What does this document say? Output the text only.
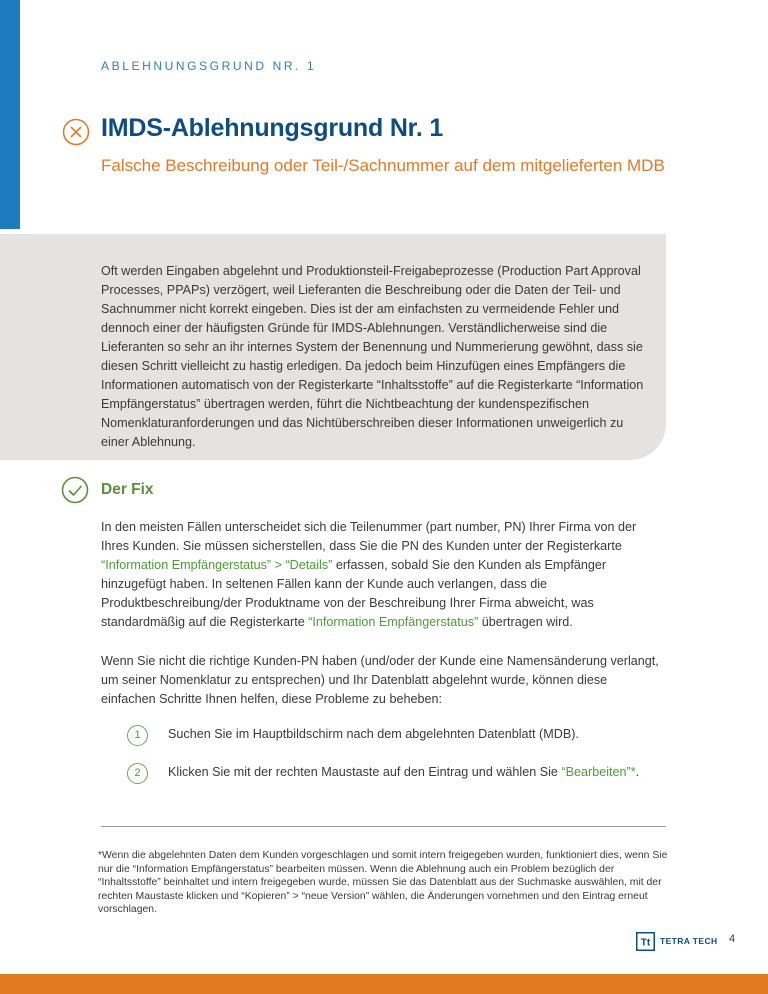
ABLEHNUNGSGRUND NR. 1
IMDS-Ablehnungsgrund Nr. 1

Falsche Beschreibung oder Teil-/Sachnummer auf dem mitgelieferten MDB

Oft werden Eingaben abgelehnt und Produktionsteil-Freigabeprozesse (Production Part Approval Processes, PPAPs) verzögert, weil Lieferanten die Beschreibung oder die Daten der Teil- und Sachnummer nicht korrekt eingeben. Dies ist der am einfachsten zu vermeidende Fehler und dennoch einer der häufigsten Gründe für IMDS-Ablehnungen. Verständlicherweise sind die Lieferanten so sehr an ihr internes System der Benennung und Nummerierung gewöhnt, dass sie diesen Schritt vielleicht zu hastig erledigen. Da jedoch beim Hinzufügen eines Empfängers die Informationen automatisch von der Registerkarte “Inhaltsstoffe” auf die Registerkarte “Information Empfängerstatus” übertragen werden, führt die Nichtbeachtung der kundenspezifischen Nomenklaturanforderungen und das Nichtüberschreiben dieser Informationen unweigerlich zu einer Ablehnung.

Der Fix

In den meisten Fällen unterscheidet sich die Teilenummer (part number, PN) Ihrer Firma von der Ihres Kunden. Sie müssen sicherstellen, dass Sie die PN des Kunden unter der Registerkarte “Information Empfängerstatus” > “Details” erfassen, sobald Sie den Kunden als Empfänger hinzugefügt haben. In seltenen Fällen kann der Kunde auch verlangen, dass die Produktbeschreibung/der Produktname von der Beschreibung Ihrer Firma abweicht, was standardmäßig auf die Registerkarte “Information Empfängerstatus” übertragen wird.

Wenn Sie nicht die richtige Kunden-PN haben (und/oder der Kunde eine Namensänderung verlangt, um seiner Nomenklatur zu entsprechen) und Ihr Datenblatt abgelehnt wurde, können diese einfachen Schritte Ihnen helfen, diese Probleme zu beheben:

1	Suchen Sie im Hauptbildschirm nach dem abgelehnten Datenblatt (MDB).
2	Klicken Sie mit der rechten Maustaste auf den Eintrag und wählen Sie “Bearbeiten”*.

*Wenn die abgelehnten Daten dem Kunden vorgeschlagen und somit intern freigegeben wurden, funktioniert dies, wenn Sie nur die “Information Empfängerstatus” bearbeiten müssen. Wenn die Ablehnung auch ein Problem bezüglich der “Inhaltsstoffe” beinhaltet und intern freigegeben wurde, müssen Sie das Datenblatt aus der Suchmaske auswählen, mit der rechten Maustaste klicken und “Kopieren” > “neue Version” wählen, die Änderungen vornehmen und den Eintrag erneut vorschlagen.

Tt TETRA TECH 4
